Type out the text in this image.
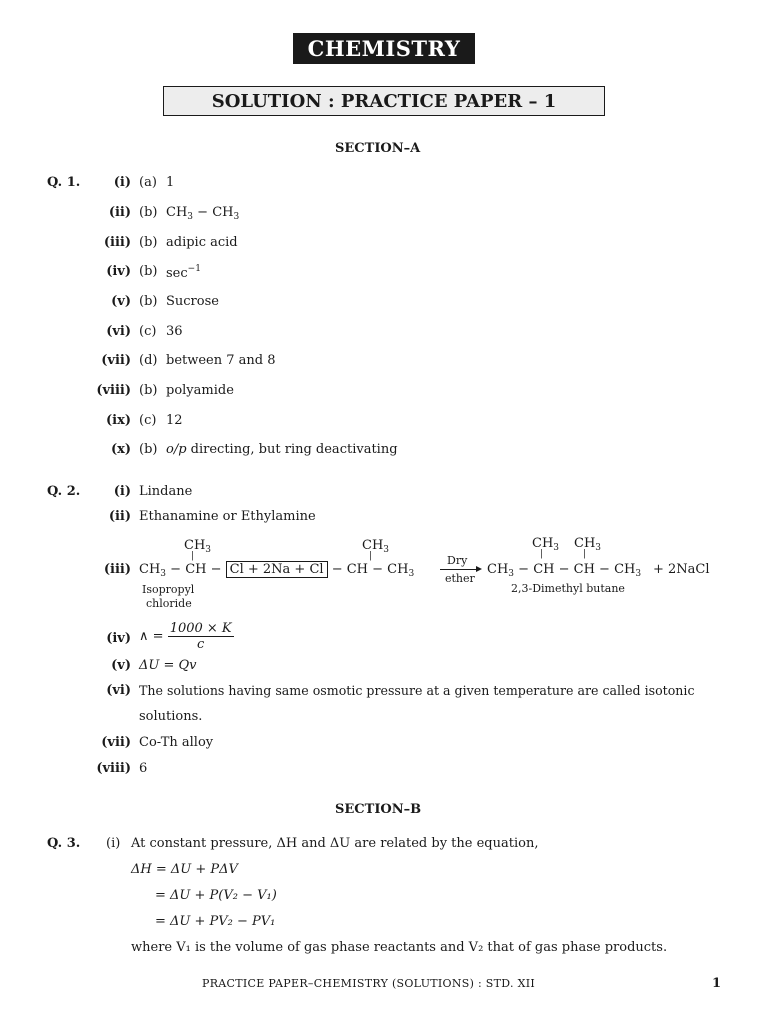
CHEMISTRY
SOLUTION : PRACTICE PAPER – 1
SECTION–A
Q. 1.	(i) (a) 1
(ii) (b) $CH_3 - CH_3$
(iii) (b) adipic acid
(iv) (b) $\sec^{-1}$
(v) (b) Sucrose
(vi) (c) 36
(vii) (d) between 7 and 8
(viii) (b) polyamide
(ix) (c) 12
(x) (b) o/p directing, but ring deactivating
Q. 2.	(i) Lindane
(ii) Ethanamine or Ethylamine
(iii)
$CH_3$
|
$CH_3$ − CH − Cl + 2Na + Cl − CH − $CH_3$
$CH_3$
|
Isopropyl
chloride
Dry
ether
$CH_3$
|
$CH_3$
|
$CH_3$ − CH − CH − $CH_3$ + 2NaCl
2,3-Dimethyl butane
(iv) ∧ = $\frac{1000 \times K}{c}$
(v) ΔU = Qv
(vi) The solutions having same osmotic pressure at a given temperature are called isotonic
solutions.
(vii) Co-Th alloy
(viii) 6
SECTION–B
Q. 3. (i) At constant pressure, ΔH and ΔU are related by the equation,
ΔH = ΔU + PΔV
= ΔU + P(V₂ − V₁)
= ΔU + PV₂ − PV₁
where V₁ is the volume of gas phase reactants and V₂ that of gas phase products.
PRACTICE PAPER–CHEMISTRY (SOLUTIONS) : STD. XII	1
